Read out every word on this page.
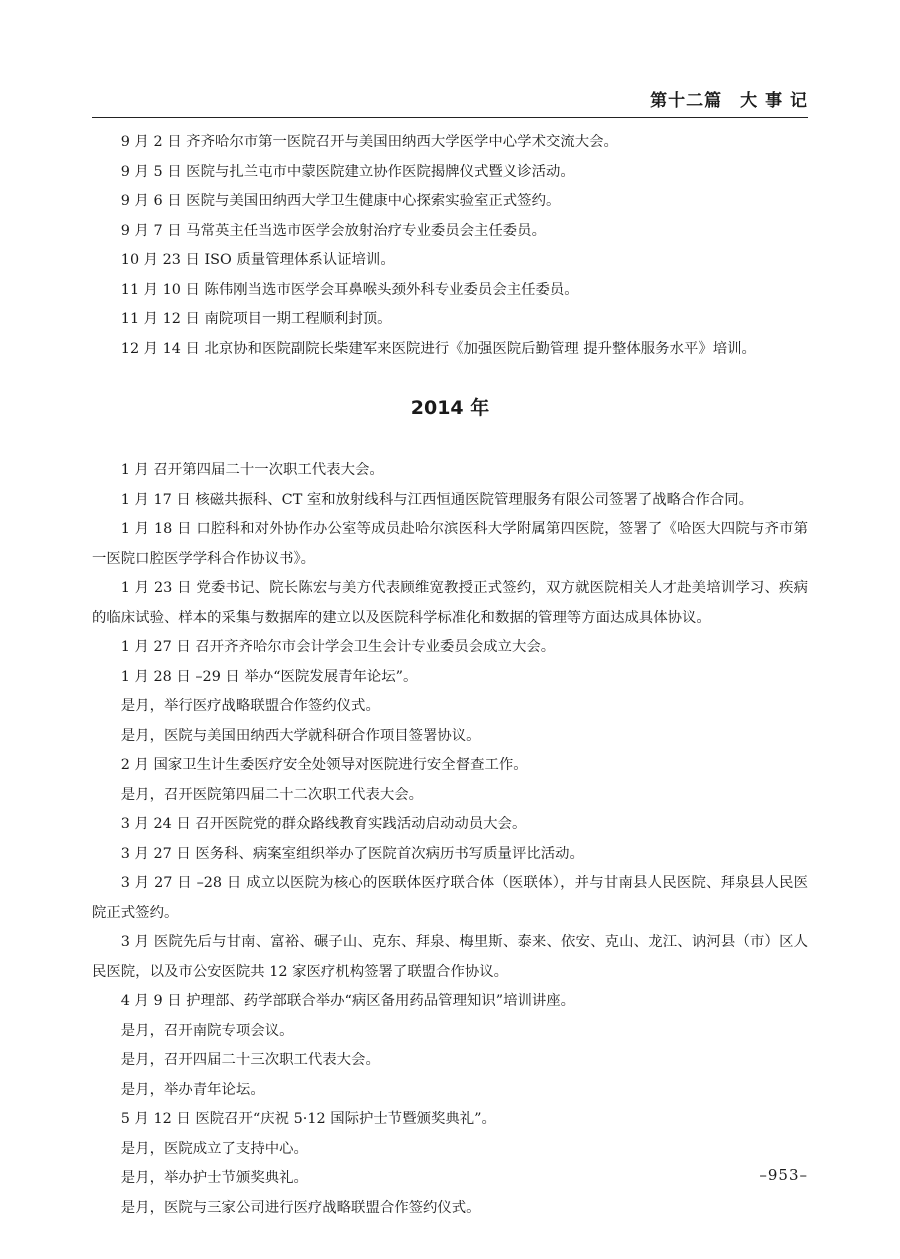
第十二篇　大 事 记

9 月 2 日 齐齐哈尔市第一医院召开与美国田纳西大学医学中心学术交流大会。

9 月 5 日 医院与扎兰屯市中蒙医院建立协作医院揭牌仪式暨义诊活动。

9 月 6 日 医院与美国田纳西大学卫生健康中心探索实验室正式签约。

9 月 7 日 马常英主任当选市医学会放射治疗专业委员会主任委员。

10 月 23 日 ISO 质量管理体系认证培训。

11 月 10 日 陈伟刚当选市医学会耳鼻喉头颈外科专业委员会主任委员。

11 月 12 日 南院项目一期工程顺利封顶。

12 月 14 日 北京协和医院副院长柴建军来医院进行《加强医院后勤管理 提升整体服务水平》培训。

2014 年

1 月 召开第四届二十一次职工代表大会。

1 月 17 日 核磁共振科、CT 室和放射线科与江西恒通医院管理服务有限公司签署了战略合作合同。

1 月 18 日 口腔科和对外协作办公室等成员赴哈尔滨医科大学附属第四医院，签署了《哈医大四院与齐市第一医院口腔医学学科合作协议书》。

1 月 23 日 党委书记、院长陈宏与美方代表顾维宽教授正式签约，双方就医院相关人才赴美培训学习、疾病的临床试验、样本的采集与数据库的建立以及医院科学标准化和数据的管理等方面达成具体协议。

1 月 27 日 召开齐齐哈尔市会计学会卫生会计专业委员会成立大会。

1 月 28 日 –29 日 举办“医院发展青年论坛”。

是月，举行医疗战略联盟合作签约仪式。

是月，医院与美国田纳西大学就科研合作项目签署协议。

2 月 国家卫生计生委医疗安全处领导对医院进行安全督查工作。

是月，召开医院第四届二十二次职工代表大会。

3 月 24 日 召开医院党的群众路线教育实践活动启动动员大会。

3 月 27 日 医务科、病案室组织举办了医院首次病历书写质量评比活动。

3 月 27 日 –28 日 成立以医院为核心的医联体医疗联合体（医联体），并与甘南县人民医院、拜泉县人民医院正式签约。

3 月 医院先后与甘南、富裕、碾子山、克东、拜泉、梅里斯、泰来、依安、克山、龙江、讷河县（市）区人民医院，以及市公安医院共 12 家医疗机构签署了联盟合作协议。

4 月 9 日 护理部、药学部联合举办“病区备用药品管理知识”培训讲座。

是月，召开南院专项会议。

是月，召开四届二十三次职工代表大会。

是月，举办青年论坛。

5 月 12 日 医院召开“庆祝 5·12 国际护士节暨颁奖典礼”。

是月，医院成立了支持中心。

是月，举办护士节颁奖典礼。

是月，医院与三家公司进行医疗战略联盟合作签约仪式。

–953–
